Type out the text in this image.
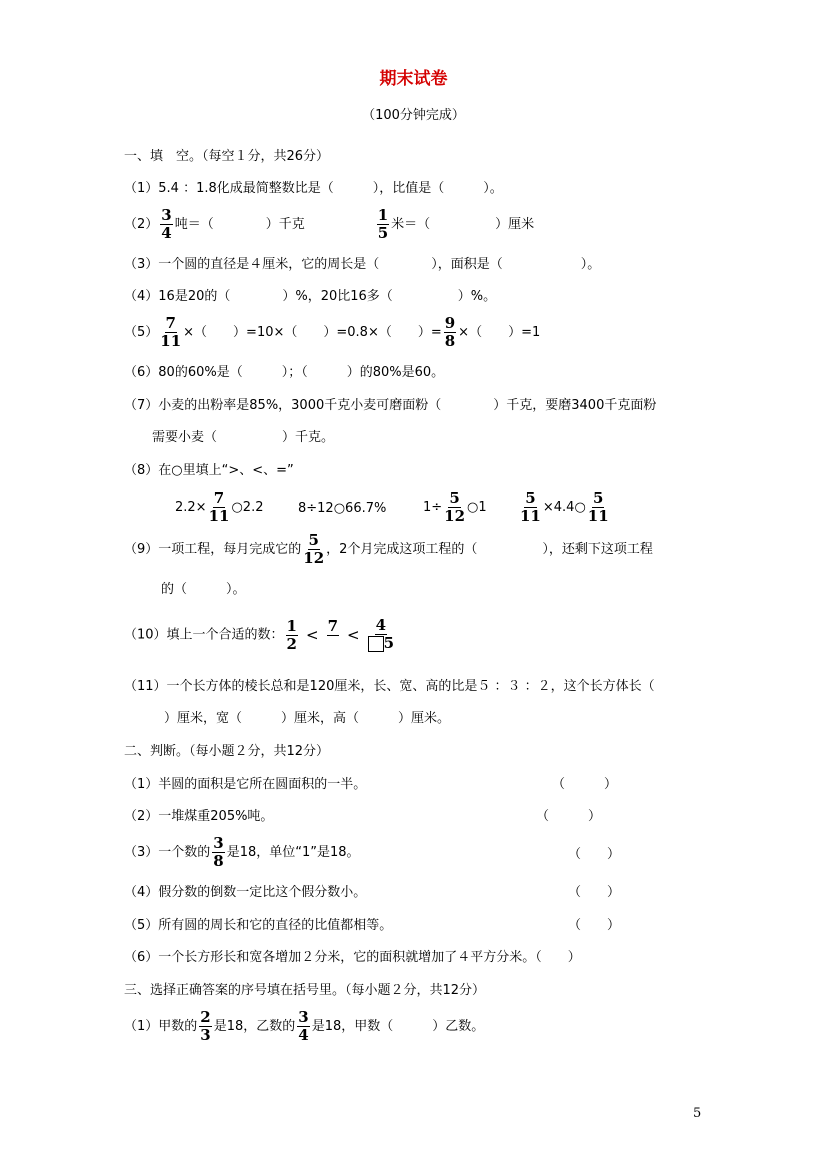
期末试卷
（100分钟完成）
一、填　空。（每空１分，共26分）
（1）5.4 ：1.8化成最简整数比是（　　　），比值是（　　　）。
$(2) \frac{3}{4}$ 吨＝（　　　　）千克	$\frac{1}{5}$ 米＝（　　　　　）厘米
（3）一个圆的直径是４厘米，它的周长是（　　　　），面积是（　　　　　　）。
（4）16是20的（　　　　）%，20比16多（　　　　　）%。
$(5) \frac{7}{11}$ ×（　　）=10×（　　）=0.8×（　　）= $\frac{9}{8}$ ×（　　）=1
（6）80的60%是（　　　）；（　　　）的80%是60。
（7）小麦的出粉率是85%，3000千克小麦可磨面粉（　　　　）千克，要磨3400千克面粉
需要小麦（　　　　　）千克。
（8）在○里填上“>、<、=”
$2.2\times \frac{7}{11}$ ○2.2	8÷12○66.7%	$1\div \frac{5}{12}$ ○1 $\frac{5}{11}$ ×4.4○ $\frac{5}{11}$
（9）一项工程，每月完成它的 $\frac{5}{12}$ ，2个月完成这项工程的（　　　　　），还剩下这项工程
的（　　　）。
（10）填上一个合适的数： $\frac{1}{2}$ <
7

< $\frac{4}{5}$
（11）一个长方体的棱长总和是120厘米，长、宽、高的比是５ ：３ ：２，这个长方体长（
）厘米，宽（　　　）厘米，高（　　　）厘米。
二、判断。（每小题２分，共12分）
（1）半圆的面积是它所在圆面积的一半。	（　　　）
（2）一堆煤重205%吨。	（　　　）
（3）一个数的 $\frac{3}{8}$ 是18，单位“1”是18。	（　　）
（4）假分数的倒数一定比这个假分数小。	（　　）
（5）所有圆的周长和它的直径的比值都相等。	（　　）
（6）一个长方形长和宽各增加２分米，它的面积就增加了４平方分米。（　　）
三、选择正确答案的序号填在括号里。（每小题２分，共12分）
（1）甲数的 $\frac{2}{3}$ 是18，乙数的 $\frac{3}{4}$ 是18，甲数（　　　）乙数。
5
